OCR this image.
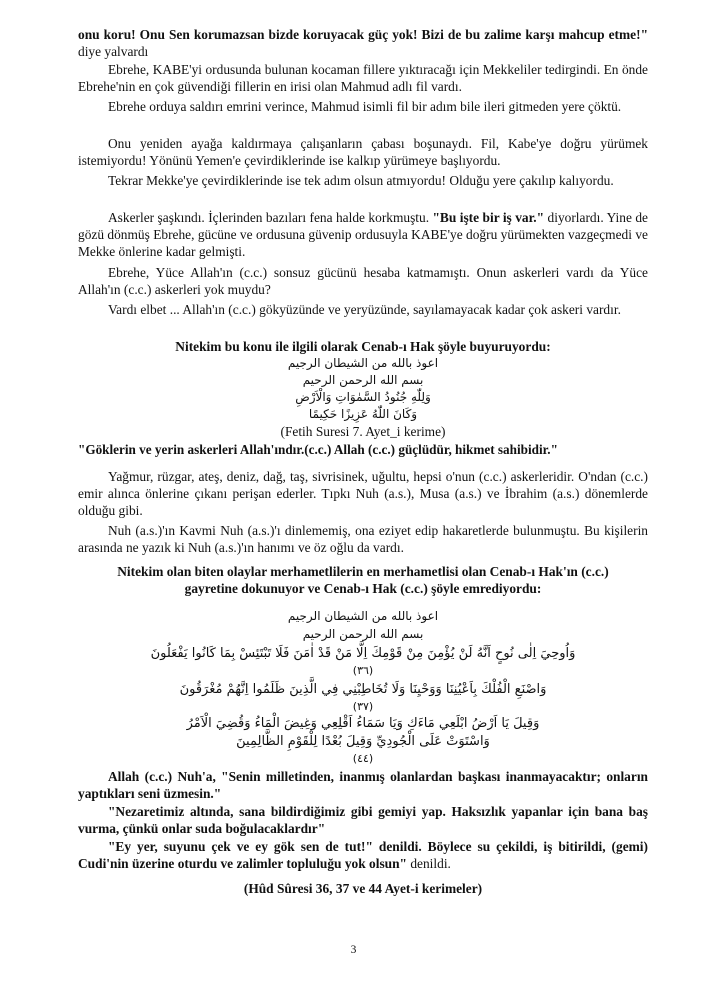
onu koru! Onu Sen korumazsan bizde koruyacak güç yok! Bizi de bu zalime karşı mahcup etme!" diye yalvardı

Ebrehe, KABE'yi ordusunda bulunan kocaman fillere yıktıracağı için Mekkeliler tedirgindi. En önde Ebrehe'nin en çok güvendiği fillerin en irisi olan Mahmud adlı fil vardı.

Ebrehe orduya saldırı emrini verince, Mahmud isimli fil bir adım bile ileri gitmeden yere çöktü.

Onu yeniden ayağa kaldırmaya çalışanların çabası boşunaydı. Fil, Kabe'ye doğru yürümek istemiyordu! Yönünü Yemen'e çevirdiklerinde ise kalkıp yürümeye başlıyordu.

Tekrar Mekke'ye çevirdiklerinde ise tek adım olsun atmıyordu! Olduğu yere çakılıp kalıyordu.

Askerler şaşkındı. İçlerinden bazıları fena halde korkmuştu. "Bu işte bir iş var." diyorlardı. Yine de gözü dönmüş Ebrehe, gücüne ve ordusuna güvenip ordusuyla KABE'ye doğru yürümekten vazgeçmedi ve Mekke önlerine kadar gelmişti.

Ebrehe, Yüce Allah'ın (c.c.) sonsuz gücünü hesaba katmamıştı. Onun askerleri vardı da Yüce Allah'ın (c.c.) askerleri yok muydu?

Vardı elbet ... Allah'ın (c.c.) gökyüzünde ve yeryüzünde, sayılamayacak kadar çok askeri vardır.

Nitekim bu konu ile ilgili olarak Cenab-ı Hak şöyle buyuruyordu:

اعوذ بالله من الشيطان الرجيم

بسم الله الرحمن الرحيم

وَلِلّٰهِ جُنُودُ السَّمٰوَاتِ وَالْاَرْضِ

وَكَانَ اللّٰهُ عَزِيزًا حَكِيمًا

(Fetih Suresi 7. Ayet_i kerime)

"Göklerin ve yerin askerleri Allah'ındır.(c.c.) Allah (c.c.) güçlüdür, hikmet sahibidir."

Yağmur, rüzgar, ateş, deniz, dağ, taş, sivrisinek, uğultu, hepsi o'nun (c.c.) askerleridir. O'ndan (c.c.) emir alınca önlerine çıkanı perişan ederler. Tıpkı Nuh (a.s.), Musa (a.s.) ve İbrahim (a.s.) dönemlerde olduğu gibi.

Nuh (a.s.)'ın Kavmi Nuh (a.s.)'ı dinlememiş, ona eziyet edip hakaretlerde bulunmuştu. Bu kişilerin arasında ne yazık ki Nuh (a.s.)'ın hanımı ve öz oğlu da vardı.

Nitekim olan biten olaylar merhametlilerin en merhametlisi olan Cenab-ı Hak'ın (c.c.) gayretine dokunuyor ve Cenab-ı Hak (c.c.) şöyle emrediyordu:

اعوذ بالله من الشيطان الرجيم

بسم الله الرحمن الرحيم

وَاُوحِيَ اِلٰى نُوحٍ اَنَّهُ لَنْ يُؤْمِنَ مِنْ قَوْمِكَ اِلَّا مَنْ قَدْ اٰمَنَ فَلَا تَبْتَئِسْ بِمَا كَانُوا يَفْعَلُونَ

(٣٦)

وَاصْنَعِ الْفُلْكَ بِاَعْيُنِنَا وَوَحْيِنَا وَلَا تُخَاطِبْنِي فِي الَّذِينَ ظَلَمُوا اِنَّهُمْ مُغْرَقُونَ

(٣٧)

وَقِيلَ يَا اَرْضُ ابْلَعِي مَاءَكِ وَيَا سَمَاءُ اَقْلِعِي وَغِيضَ الْمَاءُ وَقُضِيَ الْاَمْرُ

وَاسْتَوَتْ عَلَى الْجُودِيِّ وَقِيلَ بُعْدًا لِلْقَوْمِ الظَّالِمِينَ

(٤٤)

Allah (c.c.) Nuh'a, "Senin milletinden, inanmış olanlardan başkası inanmayacaktır; onların yaptıkları seni üzmesin."

"Nezaretimiz altında, sana bildirdiğimiz gibi gemiyi yap. Haksızlık yapanlar için bana baş vurma, çünkü onlar suda boğulacaklardır"

"Ey yer, suyunu çek ve ey gök sen de tut!" denildi. Böylece su çekildi, iş bitirildi, (gemi) Cudi'nin üzerine oturdu ve zalimler topluluğu yok olsun" denildi.

(Hûd Sûresi 36, 37 ve 44 Ayet-i kerimeler)

3
